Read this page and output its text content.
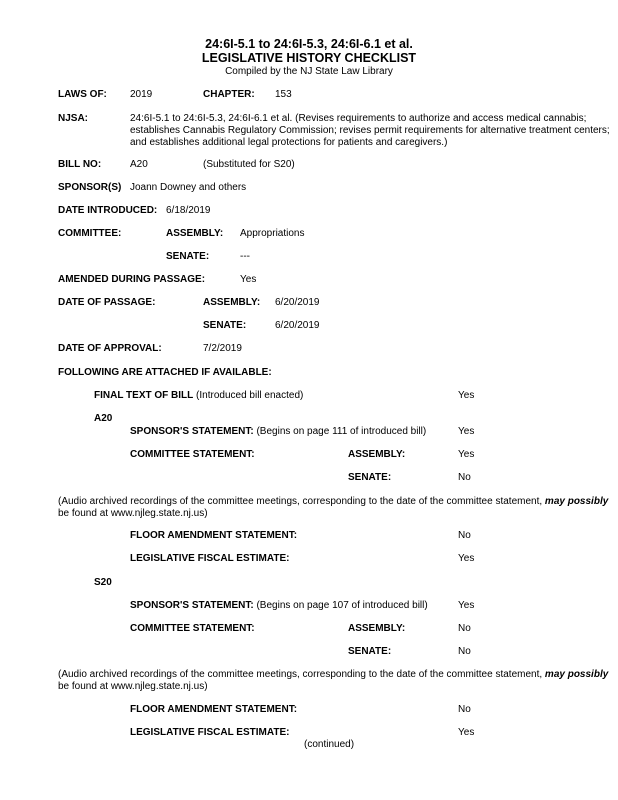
24:6I-5.1 to 24:6I-5.3, 24:6I-6.1 et al.
LEGISLATIVE HISTORY CHECKLIST
Compiled by the NJ State Law Library
LAWS OF: 2019	CHAPTER: 153
NJSA:	24:6I-5.1 to 24:6I-5.3, 24:6I-6.1 et al. (Revises requirements to authorize and access medical cannabis;
establishes Cannabis Regulatory Commission; revises permit requirements for alternative treatment centers;
and establishes additional legal protections for patients and caregivers.)
BILL NO:	A20	(Substituted for S20)
SPONSOR(S) Joann Downey and others
DATE INTRODUCED: 6/18/2019
COMMITTEE:	ASSEMBLY: Appropriations
SENATE:	---
AMENDED DURING PASSAGE:	Yes
DATE OF PASSAGE:	ASSEMBLY: 6/20/2019
SENATE:	6/20/2019
DATE OF APPROVAL:	7/2/2019
FOLLOWING ARE ATTACHED IF AVAILABLE:
FINAL TEXT OF BILL (Introduced bill enacted)	Yes
A20
SPONSOR'S STATEMENT: (Begins on page 111 of introduced bill)	Yes
COMMITTEE STATEMENT:	ASSEMBLY:	Yes
SENATE:	No
(Audio archived recordings of the committee meetings, corresponding to the date of the committee statement, may possibly
be found at www.njleg.state.nj.us)
FLOOR AMENDMENT STATEMENT:	No
LEGISLATIVE FISCAL ESTIMATE:	Yes
S20
SPONSOR'S STATEMENT: (Begins on page 107 of introduced bill)	Yes
COMMITTEE STATEMENT:	ASSEMBLY:	No
SENATE:	No
(Audio archived recordings of the committee meetings, corresponding to the date of the committee statement, may possibly
be found at www.njleg.state.nj.us)
FLOOR AMENDMENT STATEMENT:	No
LEGISLATIVE FISCAL ESTIMATE:	Yes
(continued)
